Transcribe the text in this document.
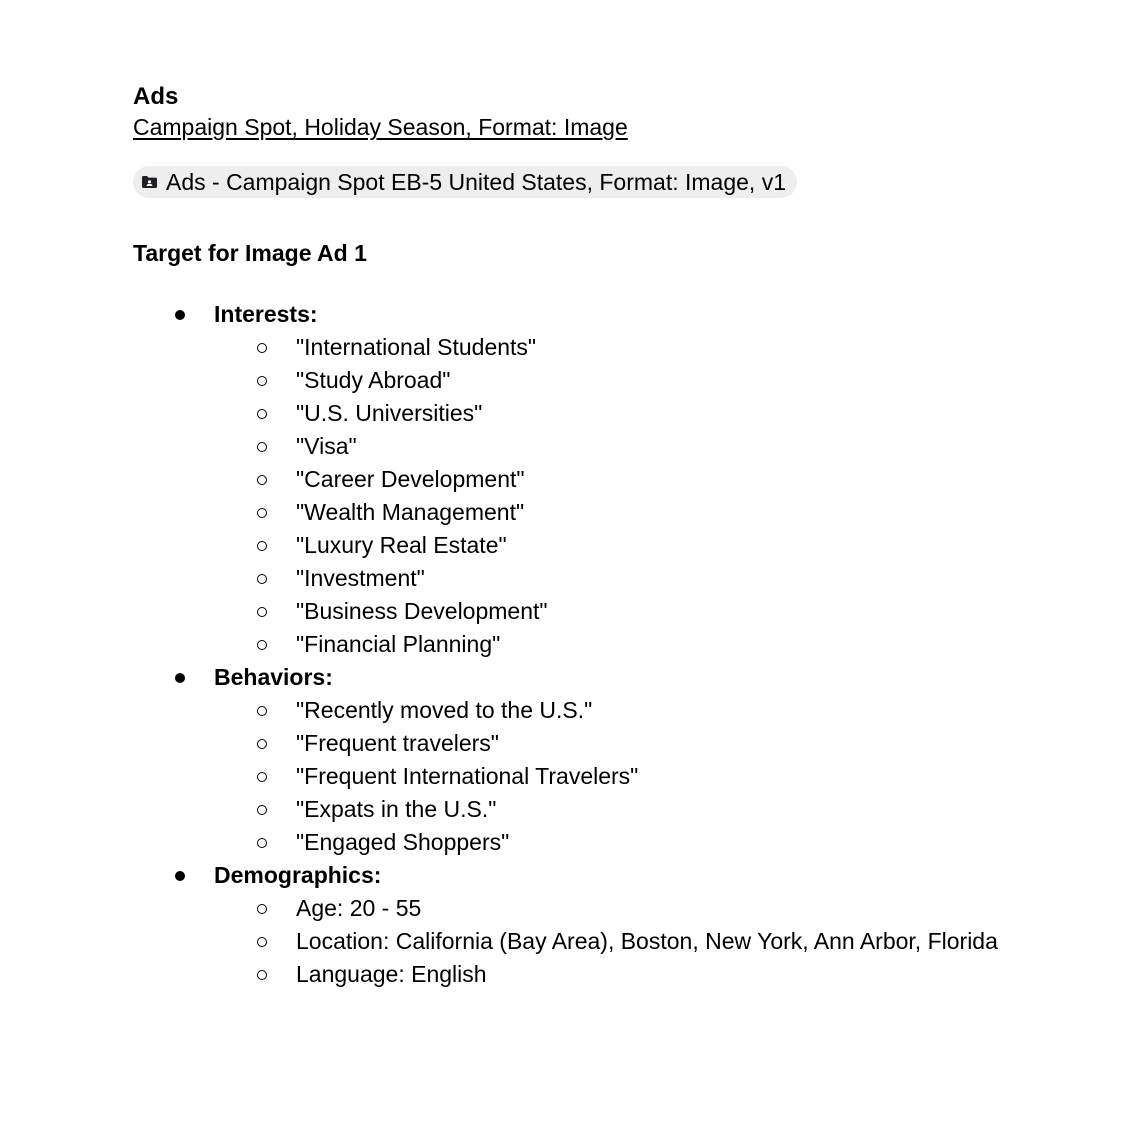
Ads
Campaign Spot, Holiday Season, Format: Image
Ads - Campaign Spot EB-5 United States, Format: Image, v1
Target for Image Ad 1
Interests:
"International Students"
"Study Abroad"
"U.S. Universities"
"Visa"
"Career Development"
"Wealth Management"
"Luxury Real Estate"
"Investment"
"Business Development"
"Financial Planning"
Behaviors:
"Recently moved to the U.S."
"Frequent travelers"
"Frequent International Travelers"
"Expats in the U.S."
"Engaged Shoppers"
Demographics:
Age: 20 - 55
Location: California (Bay Area), Boston, New York, Ann Arbor, Florida
Language: English
